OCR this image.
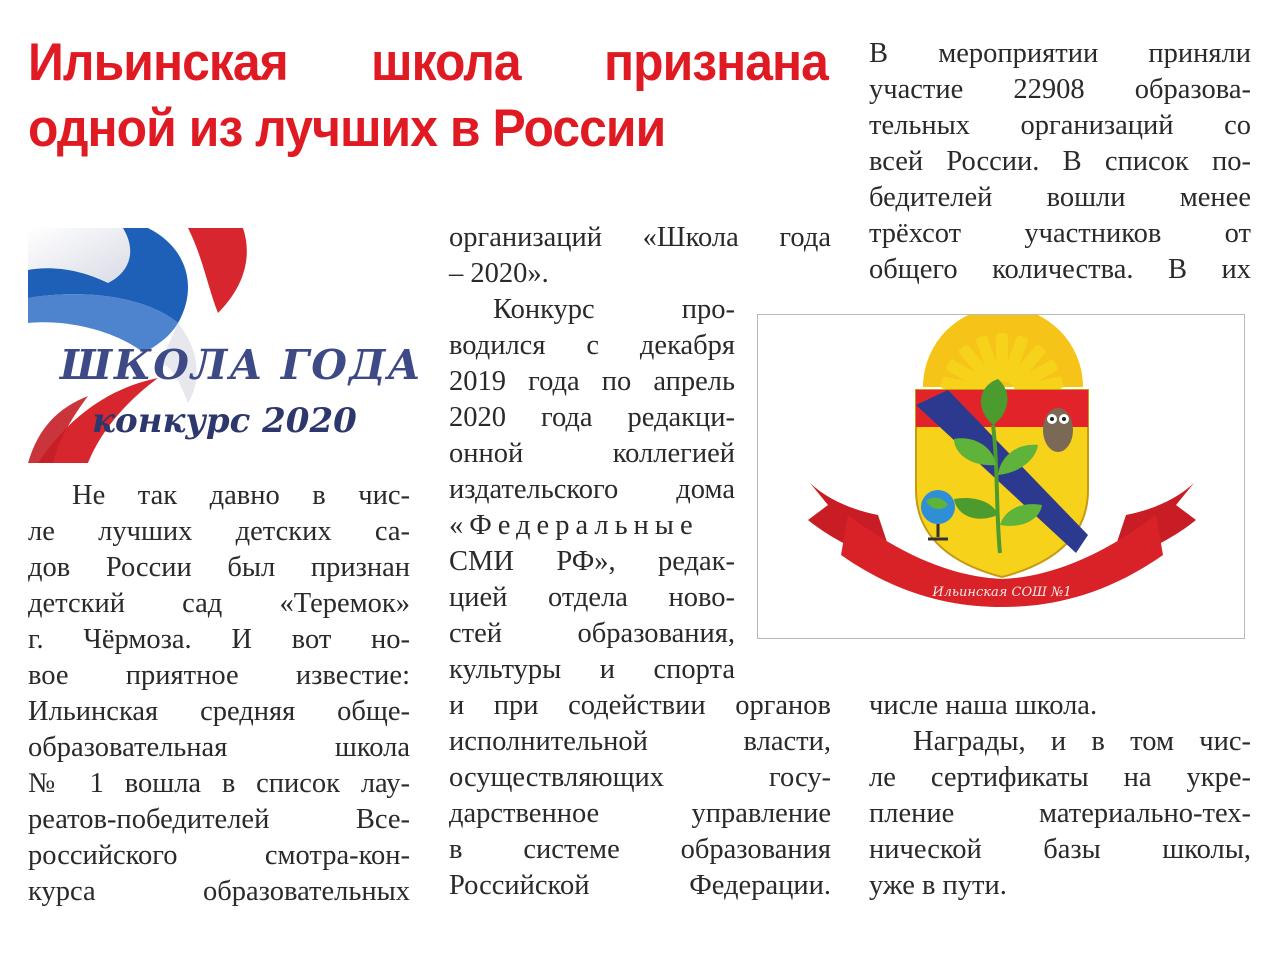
Ильинская школа признана
одной из лучших в России
ШКОЛА ГОДА
конкурс 2020
Не так давно в чис-
ле лучших детских са-
дов России был признан
детский сад «Теремок»
г. Чёрмоза. И вот но-
вое приятное известие:
Ильинская средняя обще-
образовательная школа
№ 1 вошла в список лау-
реатов-победителей Все-
российского смотра-кон-
курса образовательных
организаций «Школа года
– 2020».
Конкурс про-
водился с декабря
2019 года по апрель
2020 года редакци-
онной коллегией
издательского дома
«Федеральные
СМИ РФ», редак-
цией отдела ново-
стей образования,
культуры и спорта
и при содействии органов
исполнительной власти,
осуществляющих госу-
дарственное управление
в системе образования
Российской Федерации.
В мероприятии приняли
участие 22908 образова-
тельных организаций со
всей России. В список по-
бедителей вошли менее
трёхсот участников от
общего количества. В их
Ильинская СОШ №1
числе наша школа.
Награды, и в том чис-
ле сертификаты на укре-
пление материально-тех-
нической базы школы,
уже в пути.
